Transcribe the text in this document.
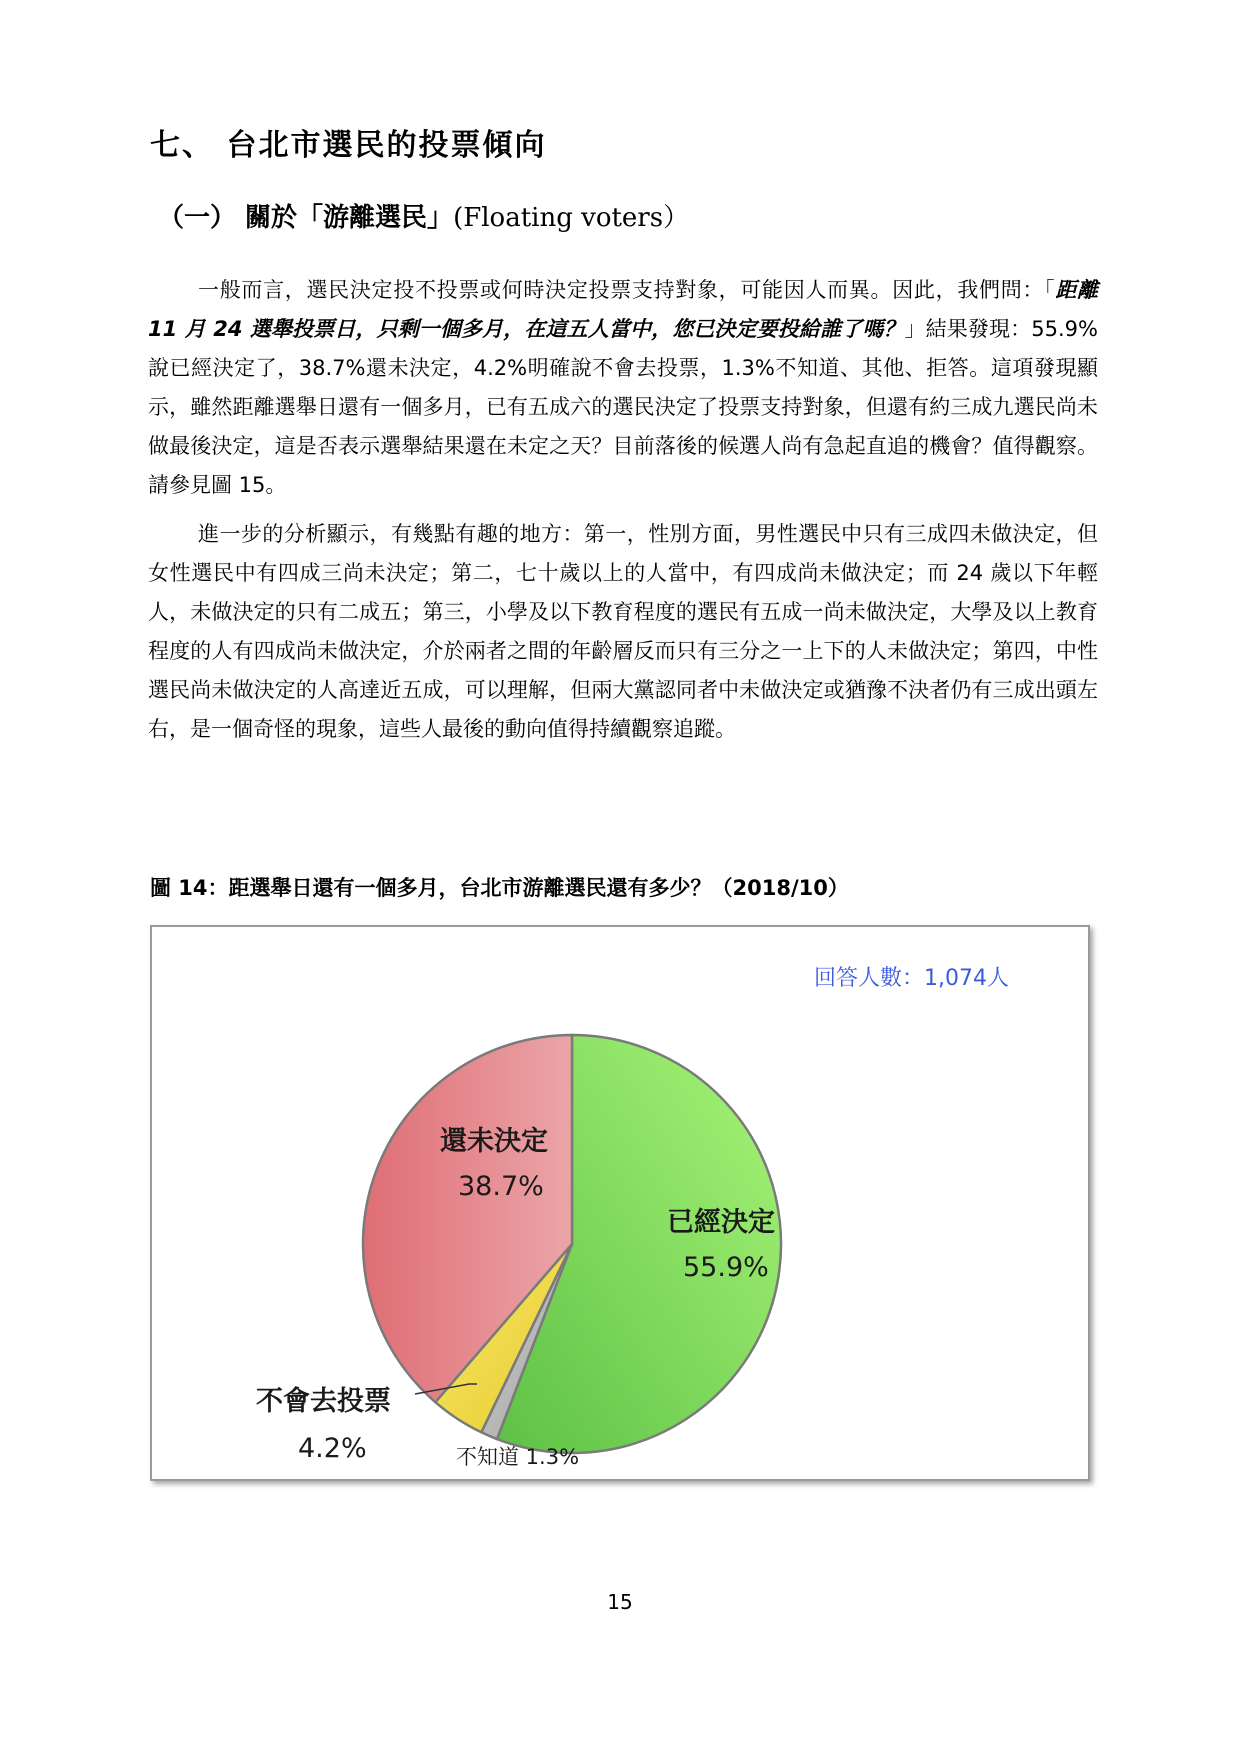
七、 台北市選民的投票傾向
（一） 關於「游離選民」(Floating voters）

一般而言，選民決定投不投票或何時決定投票支持對象，可能因人而異。因此，我們問：「距離 11 月 24 選舉投票日，只剩一個多月，在這五人當中，您已決定要投給誰了嗎？」結果發現：55.9%說已經決定了，38.7%還未決定，4.2%明確說不會去投票，1.3%不知道、其他、拒答。這項發現顯示，雖然距離選舉日還有一個多月，已有五成六的選民決定了投票支持對象，但還有約三成九選民尚未做最後決定，這是否表示選舉結果還在未定之天？目前落後的候選人尚有急起直追的機會？值得觀察。請參見圖 15。

進一步的分析顯示，有幾點有趣的地方：第一，性別方面，男性選民中只有三成四未做決定，但女性選民中有四成三尚未決定；第二，七十歲以上的人當中，有四成尚未做決定；而 24 歲以下年輕人，未做決定的只有二成五；第三，小學及以下教育程度的選民有五成一尚未做決定，大學及以上教育程度的人有四成尚未做決定，介於兩者之間的年齡層反而只有三分之一上下的人未做決定；第四，中性選民尚未做決定的人高達近五成，可以理解，但兩大黨認同者中未做決定或猶豫不決者仍有三成出頭左右，是一個奇怪的現象，這些人最後的動向值得持續觀察追蹤。

圖 14：距選舉日還有一個多月，台北市游離選民還有多少？（2018/10）
回答人數：1,074人
還未決定
38.7%
已經決定
55.9%
不會去投票
4.2%	不知道 1.3%
15
